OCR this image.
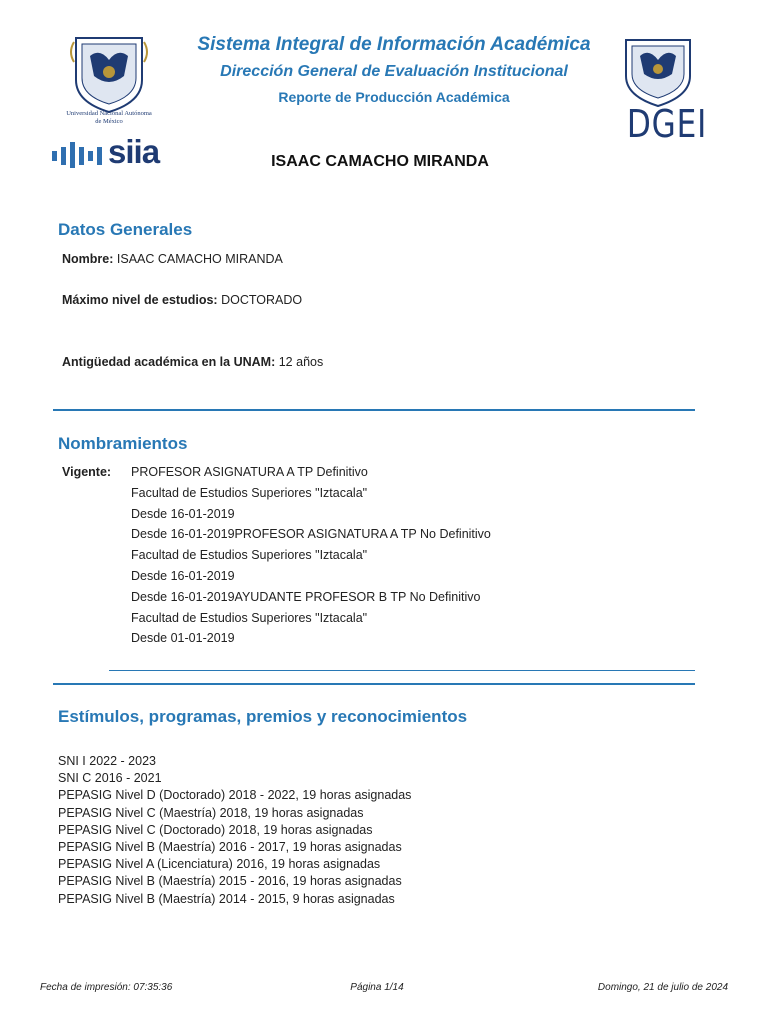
Universidad Nacional Autónoma de México
siia
DGEI
Sistema Integral de Información Académica
Dirección General de Evaluación Institucional
Reporte de Producción Académica
ISAAC CAMACHO MIRANDA
Datos Generales
Nombre: ISAAC CAMACHO MIRANDA
Máximo nivel de estudios: DOCTORADO
Antigüedad académica en la UNAM: 12 años
Nombramientos
Vigente: PROFESOR ASIGNATURA A TP Definitivo
Facultad de Estudios Superiores "Iztacala"
Desde 16-01-2019
Desde 16-01-2019PROFESOR ASIGNATURA A TP No Definitivo
Facultad de Estudios Superiores "Iztacala"
Desde 16-01-2019
Desde 16-01-2019AYUDANTE PROFESOR B TP No Definitivo
Facultad de Estudios Superiores "Iztacala"
Desde 01-01-2019
Estímulos, programas, premios y reconocimientos
SNI I 2022 - 2023
SNI C 2016 - 2021
PEPASIG Nivel D (Doctorado) 2018 - 2022, 19 horas asignadas
PEPASIG Nivel C (Maestría) 2018, 19 horas asignadas
PEPASIG Nivel C (Doctorado) 2018, 19 horas asignadas
PEPASIG Nivel B (Maestría) 2016 - 2017, 19 horas asignadas
PEPASIG Nivel A (Licenciatura) 2016, 19 horas asignadas
PEPASIG Nivel B (Maestría) 2015 - 2016, 19 horas asignadas
PEPASIG Nivel B (Maestría) 2014 - 2015, 9 horas asignadas
Fecha de impresión: 07:35:36	Página 1/14	Domingo, 21 de julio de 2024
